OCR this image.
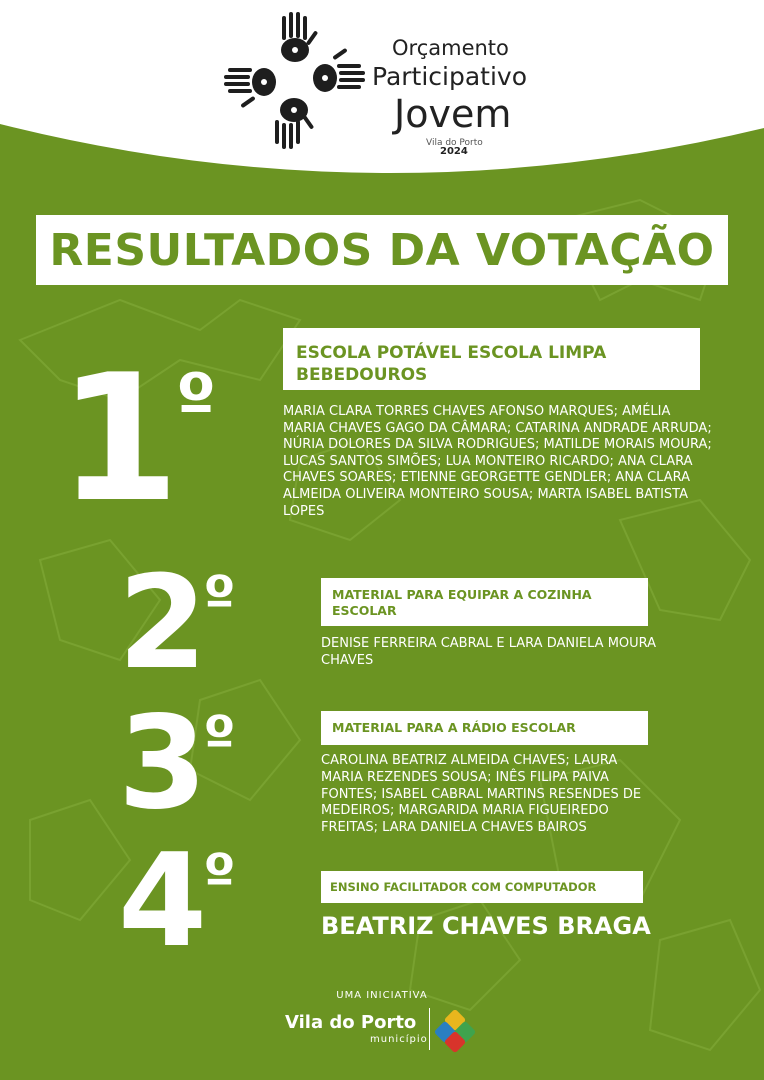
Orçamento
Participativo
Jovem
Vila do Porto
2024
RESULTADOS DA VOTAÇÃO
1º
ESCOLA POTÁVEL ESCOLA LIMPA
BEBEDOUROS
MARIA CLARA TORRES CHAVES AFONSO MARQUES; AMÉLIA MARIA CHAVES GAGO DA CÂMARA; CATARINA ANDRADE ARRUDA; NÚRIA DOLORES DA SILVA RODRIGUES; MATILDE MORAIS MOURA; LUCAS SANTOS SIMÕES; LUA MONTEIRO RICARDO; ANA CLARA CHAVES SOARES; ETIENNE GEORGETTE GENDLER; ANA CLARA ALMEIDA OLIVEIRA MONTEIRO SOUSA; MARTA ISABEL BATISTA LOPES
2º	MATERIAL PARA EQUIPAR A COZINHA ESCOLAR
DENISE FERREIRA CABRAL E LARA DANIELA MOURA CHAVES
3º	MATERIAL PARA A RÁDIO ESCOLAR
CAROLINA BEATRIZ ALMEIDA CHAVES; LAURA MARIA REZENDES SOUSA; INÊS FILIPA PAIVA FONTES; ISABEL CABRAL MARTINS RESENDES DE MEDEIROS; MARGARIDA MARIA FIGUEIREDO FREITAS; LARA DANIELA CHAVES BAIROS
4º	ENSINO FACILITADOR COM COMPUTADOR
BEATRIZ CHAVES BRAGA
UMA INICIATIVA
Vila do Porto
município
